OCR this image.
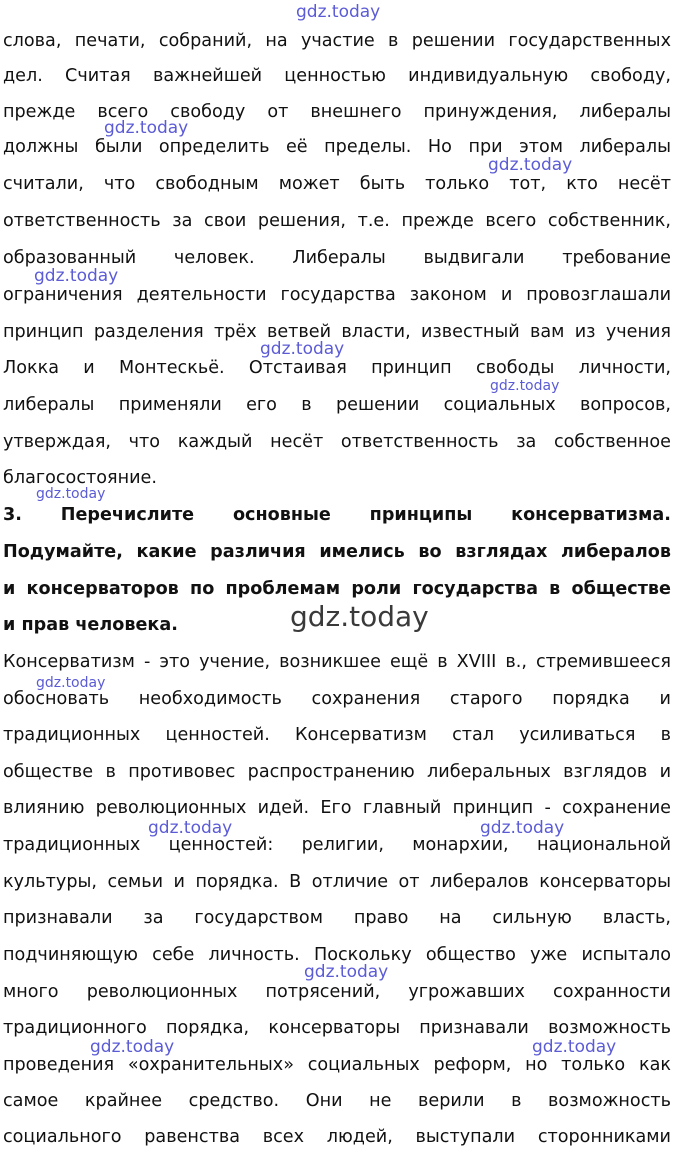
слова, печати, собраний, на участие в решении государственных
дел. Считая важнейшей ценностью индивидуальную свободу,
прежде всего свободу от внешнего принуждения, либералы
должны были определить её пределы. Но при этом либералы
считали, что свободным может быть только тот, кто несёт
ответственность за свои решения, т.е. прежде всего собственник,
образованный человек. Либералы выдвигали требование
ограничения деятельности государства законом и провозглашали
принцип разделения трёх ветвей власти, известный вам из учения
Локка и Монтескьё. Отстаивая принцип свободы личности,
либералы применяли его в решении социальных вопросов,
утверждая, что каждый несёт ответственность за собственное
благосостояние.
3. Перечислите основные принципы консерватизма.
Подумайте, какие различия имелись во взглядах либералов
и консерваторов по проблемам роли государства в обществе
и прав человека.
Консерватизм - это учение, возникшее ещё в XVIII в., стремившееся
обосновать необходимость сохранения старого порядка и
традиционных ценностей. Консерватизм стал усиливаться в
обществе в противовес распространению либеральных взглядов и
влиянию революционных идей. Его главный принцип - сохранение
традиционных ценностей: религии, монархии, национальной
культуры, семьи и порядка. В отличие от либералов консерваторы
признавали за государством право на сильную власть,
подчиняющую себе личность. Поскольку общество уже испытало
много революционных потрясений, угрожавших сохранности
традиционного порядка, консерваторы признавали возможность
проведения «охранительных» социальных реформ, но только как
самое крайнее средство. Они не верили в возможность
социального равенства всех людей, выступали сторонниками
gdz.today
gdz.today
gdz.today
gdz.today
gdz.today
gdz.today
gdz.today
gdz.today
gdz.today
gdz.today	gdz.today
gdz.today
gdz.today	gdz.today
